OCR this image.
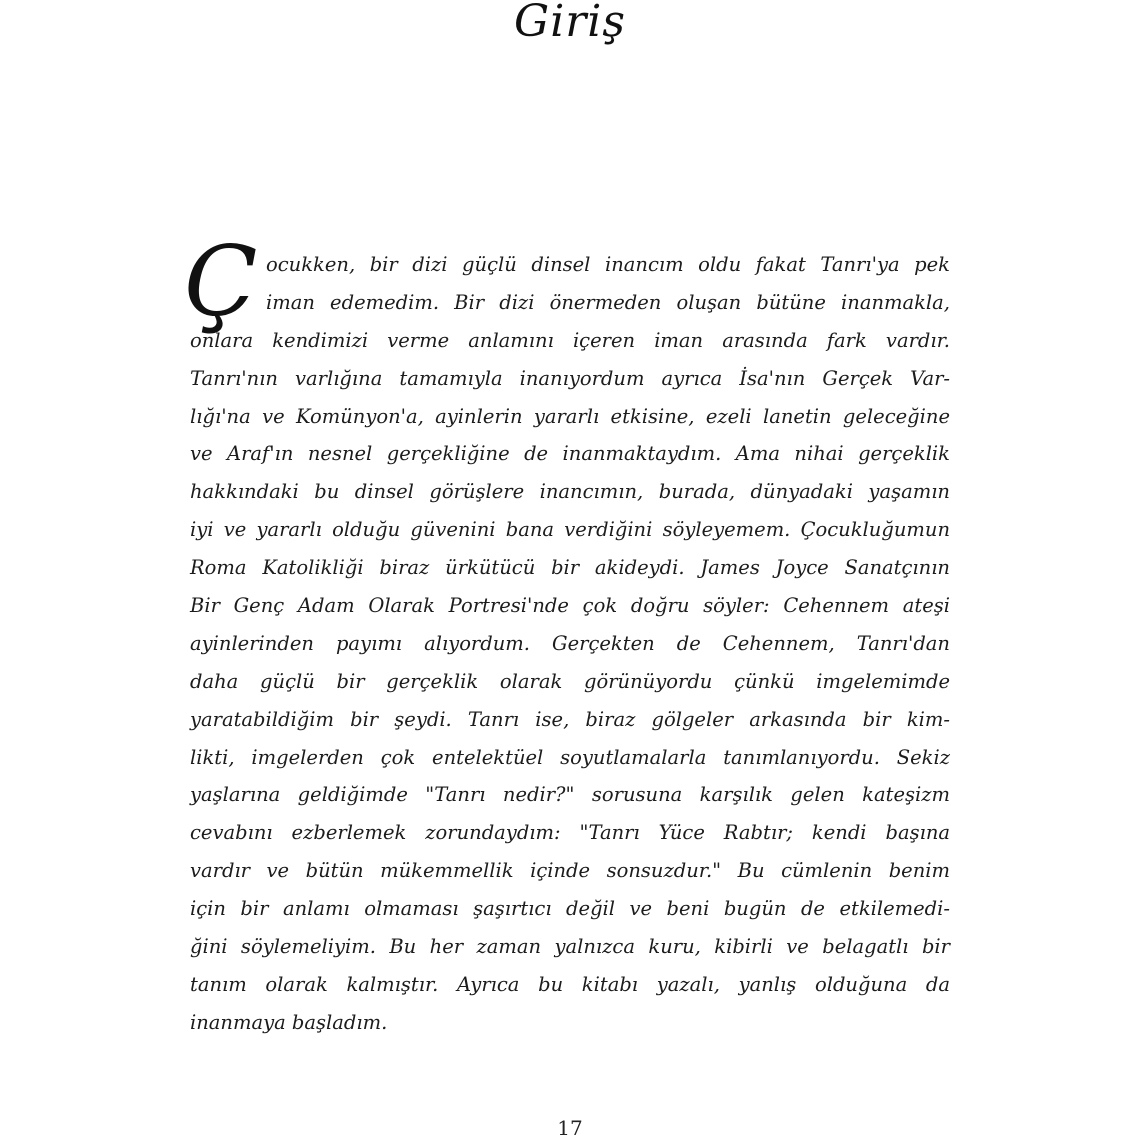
Giriş
Ç ocukken, bir dizi güçlü dinsel inancım oldu fakat Tanrı'ya pek
iman edemedim. Bir dizi önermeden oluşan bütüne inanmakla,
onlara kendimizi verme anlamını içeren iman arasında fark vardır.
Tanrı'nın varlığına tamamıyla inanıyordum ayrıca İsa'nın Gerçek Var-
lığı'na ve Komünyon'a, ayinlerin yararlı etkisine, ezeli lanetin geleceğine
ve Araf'ın nesnel gerçekliğine de inanmaktaydım. Ama nihai gerçeklik
hakkındaki bu dinsel görüşlere inancımın, burada, dünyadaki yaşamın
iyi ve yararlı olduğu güvenini bana verdiğini söyleyemem. Çocukluğumun
Roma Katolikliği biraz ürkütücü bir akideydi. James Joyce Sanatçının
Bir Genç Adam Olarak Portresi'nde çok doğru söyler: Cehennem ateşi
ayinlerinden payımı alıyordum. Gerçekten de Cehennem, Tanrı'dan
daha güçlü bir gerçeklik olarak görünüyordu çünkü imgelemimde
yaratabildiğim bir şeydi. Tanrı ise, biraz gölgeler arkasında bir kim-
likti, imgelerden çok entelektüel soyutlamalarla tanımlanıyordu. Sekiz
yaşlarına geldiğimde "Tanrı nedir?" sorusuna karşılık gelen kateşizm
cevabını ezberlemek zorundaydım: "Tanrı Yüce Rabtır; kendi başına
vardır ve bütün mükemmellik içinde sonsuzdur." Bu cümlenin benim
için bir anlamı olmaması şaşırtıcı değil ve beni bugün de etkilemedi-
ğini söylemeliyim. Bu her zaman yalnızca kuru, kibirli ve belagatlı bir
tanım olarak kalmıştır. Ayrıca bu kitabı yazalı, yanlış olduğuna da
inanmaya başladım.
17
